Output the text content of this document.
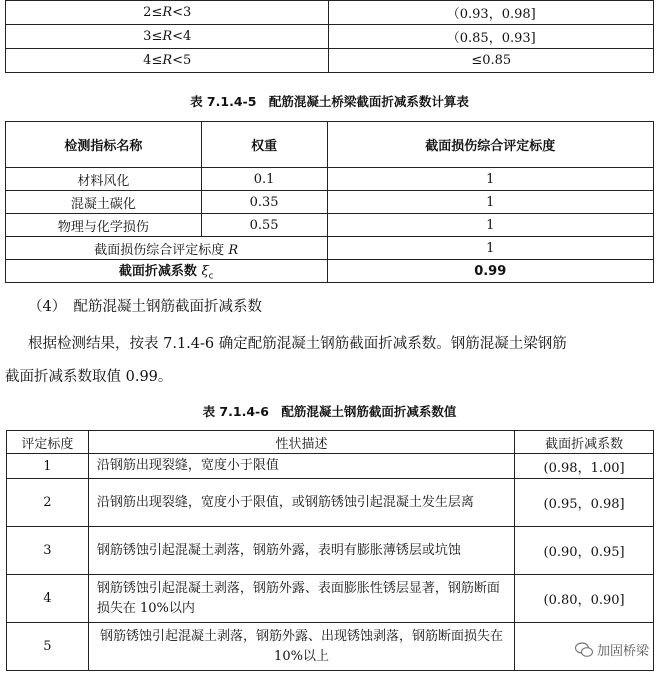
2≤R<3	（0.93，0.98]
3≤R<4	（0.85，0.93]
4≤R<5	≤0.85
表 7.1.4-5　配筋混凝土桥梁截面折减系数计算表
检测指标名称	权重	截面损伤综合评定标度
材料风化	0.1	1
混凝土碳化	0.35	1
物理与化学损伤	0.55	1
截面损伤综合评定标度 R		1
截面折减系数 $\xi_c$		0.99
（4）　配筋混凝土钢筋截面折减系数
根据检测结果，按表 7.1.4-6 确定配筋混凝土钢筋截面折减系数。钢筋混凝土梁钢筋
截面折减系数取值 0.99。
表 7.1.4-6　配筋混凝土钢筋截面折减系数值
评定标度	性状描述	截面折减系数
1	沿钢筋出现裂缝，宽度小于限值	(0.98，1.00]
2	沿钢筋出现裂缝，宽度小于限值，或钢筋锈蚀引起混凝土发生层离	(0.95，0.98]
3	钢筋锈蚀引起混凝土剥落，钢筋外露，表明有膨胀薄锈层或坑蚀	(0.90，0.95]
4	钢筋锈蚀引起混凝土剥落，钢筋外露、表面膨胀性锈层显著，钢筋断面损失在 10%以内	(0.80，0.90]
5	钢筋锈蚀引起混凝土剥落，钢筋外露、出现锈蚀剥落，钢筋断面损失在 10%以上		加固桥梁
